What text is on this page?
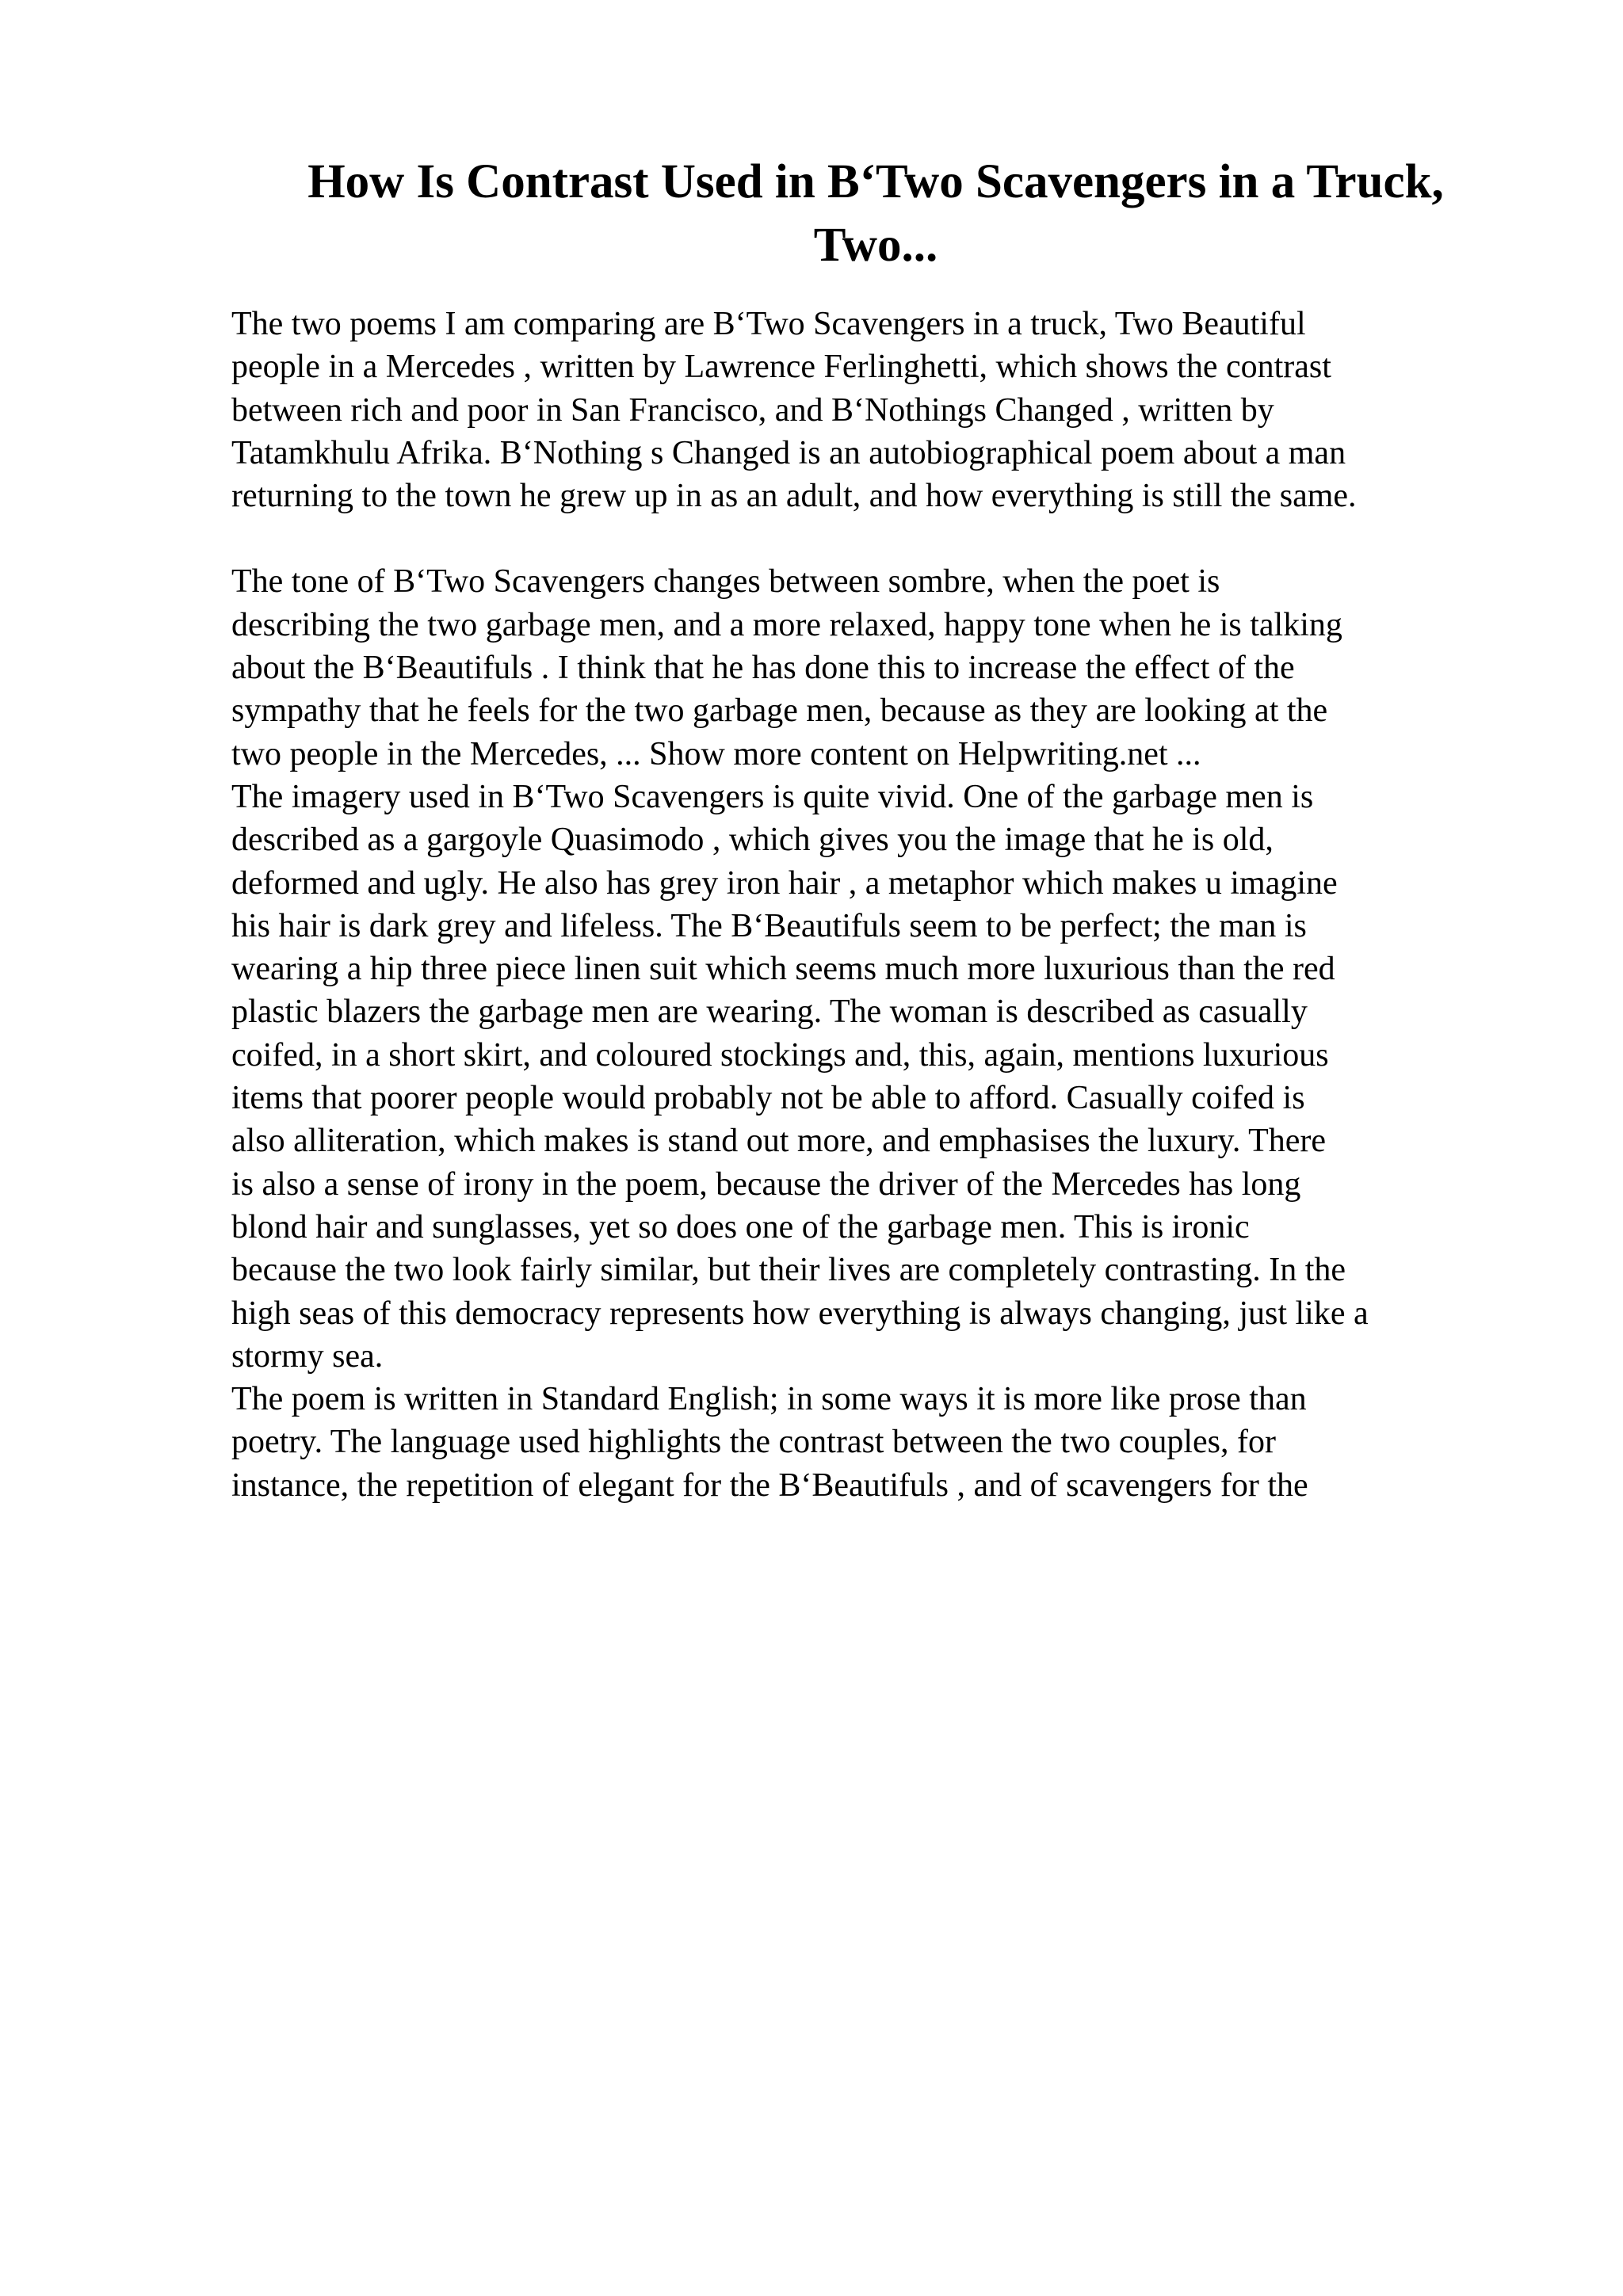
How Is Contrast Used in B‘Two Scavengers in a Truck,
Two...

The two poems I am comparing are B‘Two Scavengers in a truck, Two Beautiful
people in a Mercedes , written by Lawrence Ferlinghetti, which shows the contrast
between rich and poor in San Francisco, and B‘Nothings Changed , written by
Tatamkhulu Afrika. B‘Nothing s Changed is an autobiographical poem about a man
returning to the town he grew up in as an adult, and how everything is still the same.

The tone of B‘Two Scavengers changes between sombre, when the poet is
describing the two garbage men, and a more relaxed, happy tone when he is talking
about the B‘Beautifuls . I think that he has done this to increase the effect of the
sympathy that he feels for the two garbage men, because as they are looking at the
two people in the Mercedes, ... Show more content on Helpwriting.net ...

The imagery used in B‘Two Scavengers is quite vivid. One of the garbage men is
described as a gargoyle Quasimodo , which gives you the image that he is old,
deformed and ugly. He also has grey iron hair , a metaphor which makes u imagine
his hair is dark grey and lifeless. The B‘Beautifuls seem to be perfect; the man is
wearing a hip three piece linen suit which seems much more luxurious than the red
plastic blazers the garbage men are wearing. The woman is described as casually
coifed, in a short skirt, and coloured stockings and, this, again, mentions luxurious
items that poorer people would probably not be able to afford. Casually coifed is
also alliteration, which makes is stand out more, and emphasises the luxury. There
is also a sense of irony in the poem, because the driver of the Mercedes has long
blond hair and sunglasses, yet so does one of the garbage men. This is ironic
because the two look fairly similar, but their lives are completely contrasting. In the
high seas of this democracy represents how everything is always changing, just like a
stormy sea.

The poem is written in Standard English; in some ways it is more like prose than
poetry. The language used highlights the contrast between the two couples, for
instance, the repetition of elegant for the B‘Beautifuls , and of scavengers for the
